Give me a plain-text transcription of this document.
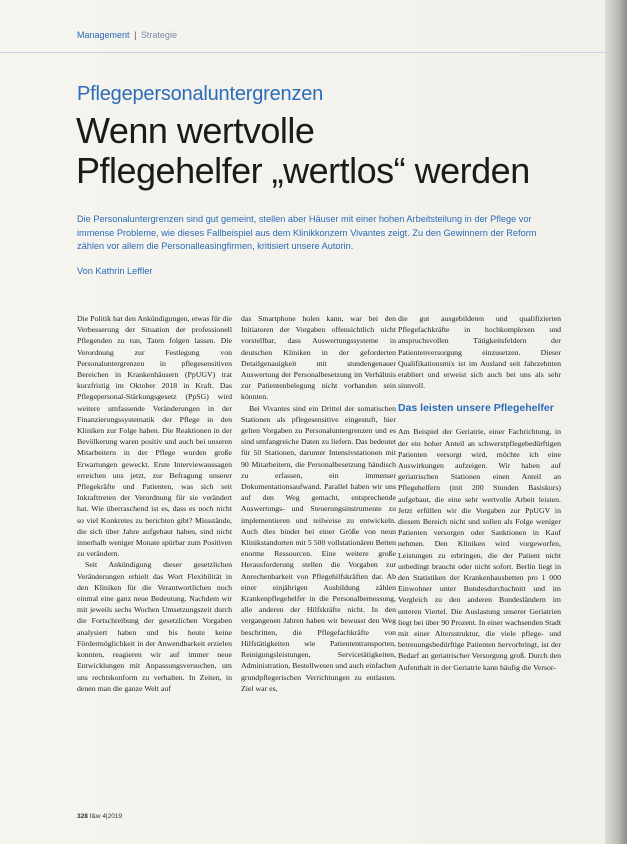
Management | Strategie
Pflegepersonaluntergrenzen
Wenn wertvolle
Pflegehelfer „wertlos“ werden
Die Personaluntergrenzen sind gut gemeint, stellen aber Häuser mit einer hohen Arbeitsteilung in der Pflege vor immense Probleme, wie dieses Fallbeispiel aus dem Klinikkonzern Vivantes zeigt. Zu den Gewinnern der Reform zählen vor allem die Personalleasingfirmen, kritisiert unsere Autorin.
Von Kathrin Leffler

Die Politik hat den Ankündigungen, etwas für die Verbesserung der Situation der professionell Pflegenden zu tun, Taten folgen lassen. Die Verordnung zur Festlegung von Personaluntergrenzen in pflegesensitiven Bereichen in Krankenhäusern (PpUGV) trat kurzfristig im Oktober 2018 in Kraft. Das Pflegepersonal-Stärkungsgesetz (PpSG) wird weitere umfassende Veränderungen in der Finanzierungssystematik der Pflege in den Kliniken zur Folge haben. Die Reaktionen in der Bevölkerung waren positiv und auch bei unseren Mitarbeitern in der Pflege wurden große Erwartungen geweckt. Erste Interviewaussagen erreichen uns jetzt, zur Befragung unserer Pflegekräfte und Patienten, was sich seit Inkrafttreten der Verordnung für sie verändert hat. Wie überraschend ist es, dass es noch nicht so viel Konkretes zu berichten gibt? Missstände, die sich über Jahre aufgebaut haben, sind nicht innerhalb weniger Monate spürbar zum Positiven zu verändern.

Seit Ankündigung dieser gesetzlichen Veränderungen erhielt das Wort Flexibilität in den Kliniken für die Verantwortlichen noch einmal eine ganz neue Bedeutung. Nachdem wir mit jeweils sechs Wochen Umsetzungszeit durch die Fortschreibung der gesetzlichen Vorgaben analysiert haben und bis heute keine Fördermöglichkeit in der Anwendbarkeit erzielen konnten, reagieren wir auf immer neue Entwicklungen mit Anpassungsversuchen, um uns rechtskonform zu verhalten. In Zeiten, in denen man die ganze Welt auf

das Smartphone holen kann, war bei den Initiatoren der Vorgaben offensichtlich nicht vorstellbar, dass Auswertungssysteme in deutschen Kliniken in der geforderten Detailgenauigkeit mit stundengenauer Auswertung der Personalbesetzung im Verhältnis zur Patientenbelegung nicht vorhanden sein könnten.

Bei Vivantes sind ein Drittel der somatischen Stationen als pflegesensitive eingestuft, hier gelten Vorgaben zu Personaluntergrenzen und es sind umfangreiche Daten zu liefern. Das bedeutet für 50 Stationen, darunter Intensivstationen mit 90 Mitarbeitern, die Personalbesetzung händisch zu erfassen, ein immenser Dokumentationsaufwand. Parallel haben wir uns auf den Weg gemacht, entsprechende Auswertungs- und Steuerungsinstrumente zu implementieren und teilweise zu entwickeln. Auch dies bindet bei einer Größe von neun Klinikstandorten mit 5 500 vollstationären Betten enorme Ressourcen. Eine weitere große Herausforderung stellen die Vorgaben zur Anrechenbarkeit von Pflegehilfskräften dar. Ab einer einjährigen Ausbildung zählen Krankenpflegehelfer in die Personalbemessung, alle anderen der Hilfskräfte nicht. In den vergangenen Jahren haben wir bewusst den Weg beschritten, die Pflegefachkräfte von Hilfstätigkeiten wie Patiententransporten, Reinigungsleistungen, Servicetätigkeiten, Administration, Bestellwesen und auch einfachen grundpflegerischen Verrichtungen zu entlasten. Ziel war es,

die gut ausgebildeten und qualifizierten Pflegefachkräfte in hochkomplexen und anspruchsvollen Tätigkeitsfeldern der Patientenversorgung einzusetzen. Dieser Qualifikationsmix ist im Ausland seit Jahrzehnten etabliert und erweist sich auch bei uns als sehr sinnvoll.

Das leisten unsere Pflegehelfer

Am Beispiel der Geriatrie, einer Fachrichtung, in der ein hoher Anteil an schwerstpflegebedürftigen Patienten versorgt wird, möchte ich eine Auswirkungen aufzeigen. Wir haben auf geriatrischen Stationen einen Anteil an Pflegehelfern (mit 200 Stunden Basiskurs) aufgebaut, die eine sehr wertvolle Arbeit leisten. Jetzt erfüllen wir die Vorgaben zur PpUGV in diesem Bereich nicht und sollen als Folge weniger Patienten versorgen oder Sanktionen in Kauf nehmen. Den Kliniken wird vorgeworfen, Leistungen zu erbringen, die der Patient nicht unbedingt braucht oder nicht sofort. Berlin liegt in den Statistiken der Krankenhausbetten pro 1 000 Einwohner unter Bundesdurchschnitt und im Vergleich zu den anderen Bundesländern im unteren Viertel. Die Auslastung unserer Geriatrien liegt bei über 90 Prozent. In einer wachsenden Stadt mit einer Altersstruktur, die viele pflege- und betreuungsbedürftige Patienten hervorbringt, ist der Bedarf an geriatrischer Versorgung groß. Durch den Aufenthalt in der Geriatrie kann häufig die Versor-

328 f&w 4|2019
